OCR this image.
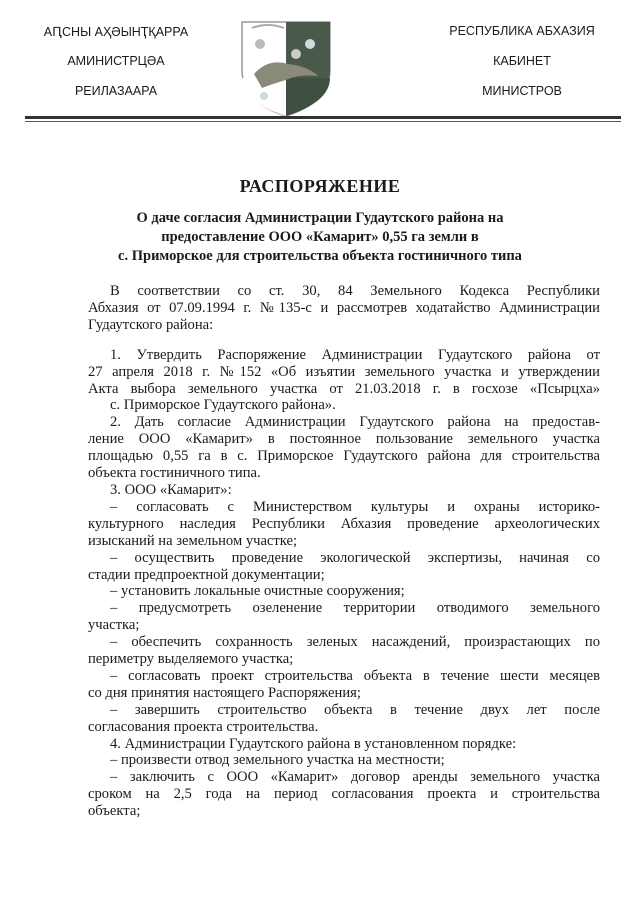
АԤСНЫ АҲӘЫНҬҚАРРА
АМИНИСТРЦӘА
РЕИЛАЗААРА
РЕСПУБЛИКА АБХАЗИЯ
КАБИНЕТ
МИНИСТРОВ
РАСПОРЯЖЕНИЕ
О даче согласия Администрации Гудаутского района на
предоставление ООО «Камарит» 0,55 га земли в
с. Приморское для строительства объекта гостиничного типа
В соответствии со ст. 30, 84 Земельного Кодекса Республики
Абхазия от 07.09.1994 г. №135-с и рассмотрев ходатайство Администрации
Гудаутского района:
1. Утвердить Распоряжение Администрации Гудаутского района от
27 апреля 2018 г. №152 «Об изъятии земельного участка и утверждении
Акта выбора земельного участка от 21.03.2018 г. в госхозе «Псырцха»
с. Приморское Гудаутского района».
2. Дать согласие Администрации Гудаутского района на предостав-
ление ООО «Камарит» в постоянное пользование земельного участка
площадью 0,55 га в с. Приморское Гудаутского района для строительства
объекта гостиничного типа.
3. ООО «Камарит»:
– согласовать с Министерством культуры и охраны историко-
культурного наследия Республики Абхазия проведение археологических
изысканий на земельном участке;
– осуществить проведение экологической экспертизы, начиная со
стадии предпроектной документации;
– установить локальные очистные сооружения;
– предусмотреть озеленение территории отводимого земельного
участка;
– обеспечить сохранность зеленых насаждений, произрастающих по
периметру выделяемого участка;
– согласовать проект строительства объекта в течение шести месяцев
со дня принятия настоящего Распоряжения;
– завершить строительство объекта в течение двух лет после
согласования проекта строительства.
4. Администрации Гудаутского района в установленном порядке:
– произвести отвод земельного участка на местности;
– заключить с ООО «Камарит» договор аренды земельного участка
сроком на 2,5 года на период согласования проекта и строительства
объекта;
